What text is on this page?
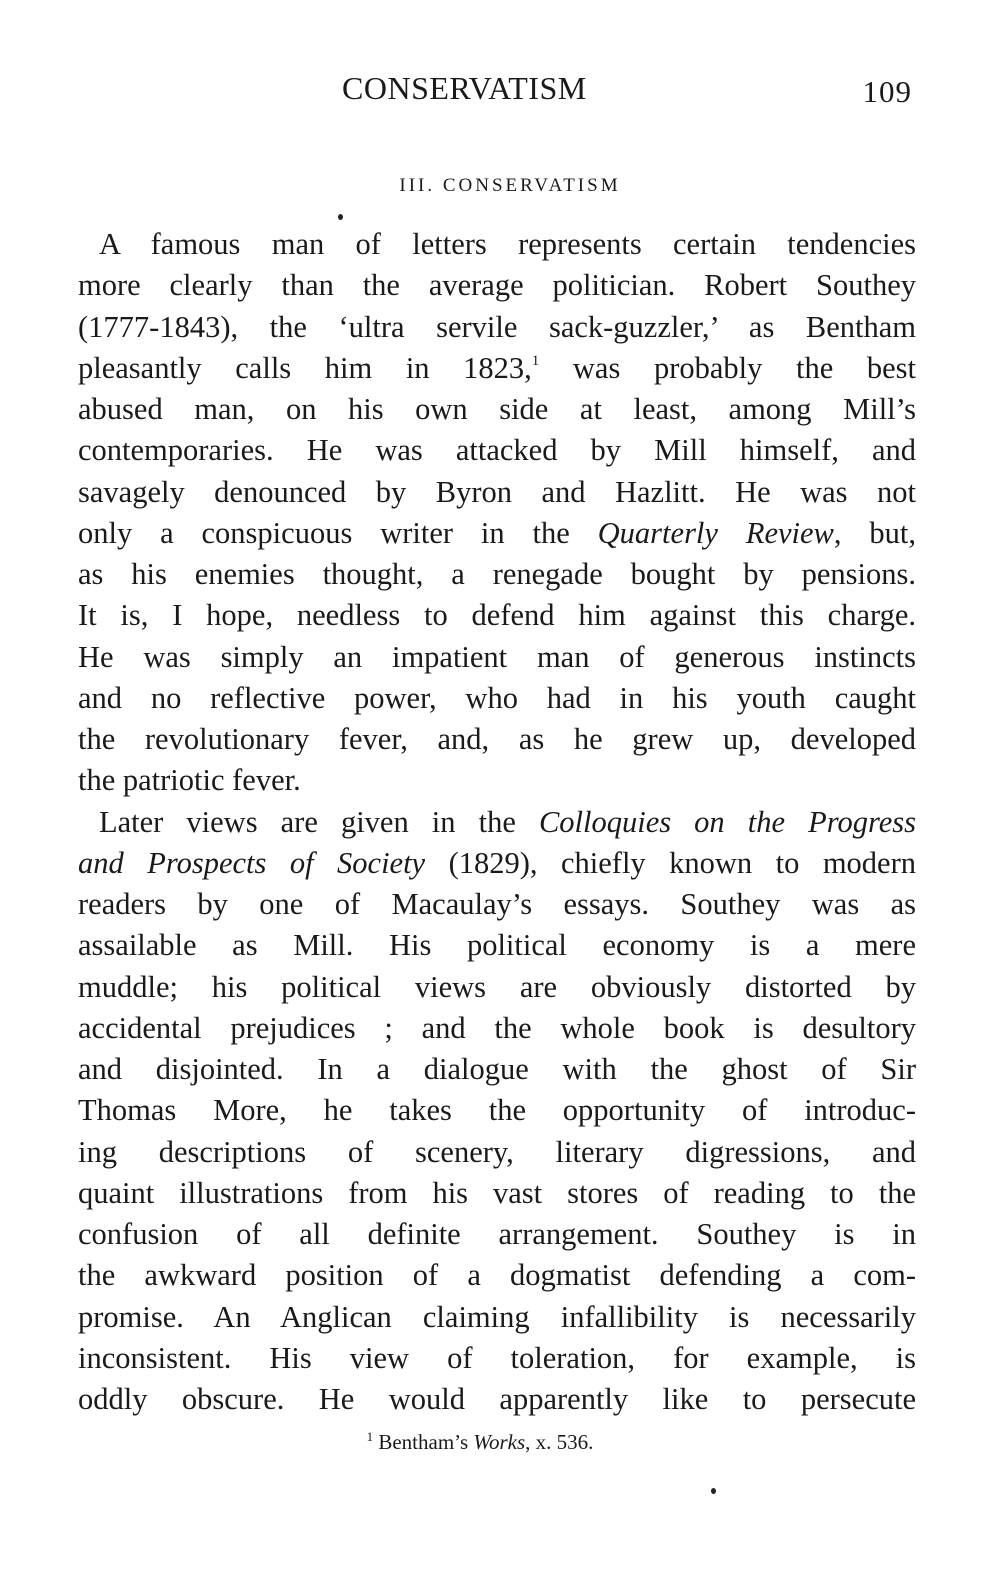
CONSERVATISM	109
III. CONSERVATISM
A famous man of letters represents certain tendencies
more clearly than the average politician. Robert Southey
(1777-1843), the ‘ultra servile sack-guzzler,’ as Bentham
pleasantly calls him in 1823,$^1$ was probably the best
abused man, on his own side at least, among Mill’s
contemporaries. He was attacked by Mill himself, and
savagely denounced by Byron and Hazlitt. He was not
only a conspicuous writer in the Quarterly Review, but,
as his enemies thought, a renegade bought by pensions.
It is, I hope, needless to defend him against this charge.
He was simply an impatient man of generous instincts
and no reflective power, who had in his youth caught
the revolutionary fever, and, as he grew up, developed
the patriotic fever.
Later views are given in the Colloquies on the Progress
and Prospects of Society (1829), chiefly known to modern
readers by one of Macaulay’s essays. Southey was as
assailable as Mill. His political economy is a mere
muddle; his political views are obviously distorted by
accidental prejudices ; and the whole book is desultory
and disjointed. In a dialogue with the ghost of Sir
Thomas More, he takes the opportunity of introduc-
ing descriptions of scenery, literary digressions, and
quaint illustrations from his vast stores of reading to the
confusion of all definite arrangement. Southey is in
the awkward position of a dogmatist defending a com-
promise. An Anglican claiming infallibility is necessarily
inconsistent. His view of toleration, for example, is
oddly obscure. He would apparently like to persecute
$^1$ Bentham’s Works, x. 536.
